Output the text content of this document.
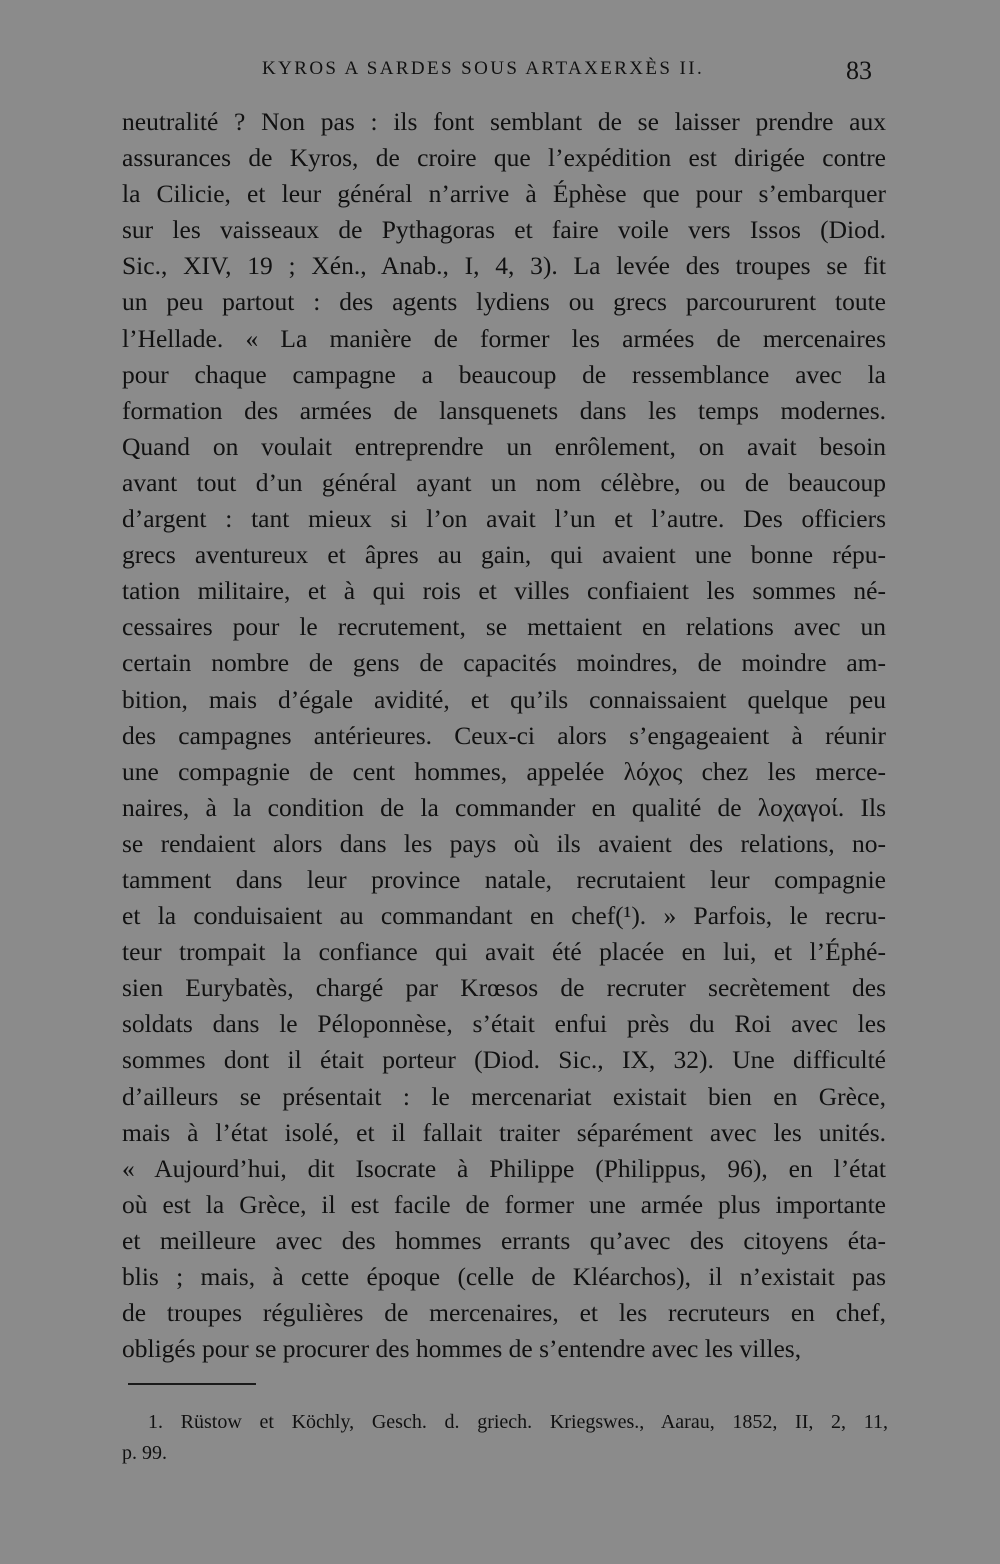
KYROS A SARDES SOUS ARTAXERXÈS II.	83
neutralité ? Non pas : ils font semblant de se laisser prendre aux
assurances de Kyros, de croire que l’expédition est dirigée contre
la Cilicie, et leur général n’arrive à Éphèse que pour s’embarquer
sur les vaisseaux de Pythagoras et faire voile vers Issos (Diod.
Sic., XIV, 19 ; Xén., Anab., I, 4, 3). La levée des troupes se fit
un peu partout : des agents lydiens ou grecs parcoururent toute
l’Hellade. « La manière de former les armées de mercenaires
pour chaque campagne a beaucoup de ressemblance avec la
formation des armées de lansquenets dans les temps modernes.
Quand on voulait entreprendre un enrôlement, on avait besoin
avant tout d’un général ayant un nom célèbre, ou de beaucoup
d’argent : tant mieux si l’on avait l’un et l’autre. Des officiers
grecs aventureux et âpres au gain, qui avaient une bonne répu-
tation militaire, et à qui rois et villes confiaient les sommes né-
cessaires pour le recrutement, se mettaient en relations avec un
certain nombre de gens de capacités moindres, de moindre am-
bition, mais d’égale avidité, et qu’ils connaissaient quelque peu
des campagnes antérieures. Ceux-ci alors s’engageaient à réunir
une compagnie de cent hommes, appelée λόχος chez les merce-
naires, à la condition de la commander en qualité de λοχαγοί. Ils
se rendaient alors dans les pays où ils avaient des relations, no-
tamment dans leur province natale, recrutaient leur compagnie
et la conduisaient au commandant en chef(¹). » Parfois, le recru-
teur trompait la confiance qui avait été placée en lui, et l’Éphé-
sien Eurybatès, chargé par Krœsos de recruter secrètement des
soldats dans le Péloponnèse, s’était enfui près du Roi avec les
sommes dont il était porteur (Diod. Sic., IX, 32). Une difficulté
d’ailleurs se présentait : le mercenariat existait bien en Grèce,
mais à l’état isolé, et il fallait traiter séparément avec les unités.
« Aujourd’hui, dit Isocrate à Philippe (Philippus, 96), en l’état
où est la Grèce, il est facile de former une armée plus importante
et meilleure avec des hommes errants qu’avec des citoyens éta-
blis ; mais, à cette époque (celle de Kléarchos), il n’existait pas
de troupes régulières de mercenaires, et les recruteurs en chef,
obligés pour se procurer des hommes de s’entendre avec les villes,
1. Rüstow et Köchly, Gesch. d. griech. Kriegswes., Aarau, 1852, II, 2, 11,
p. 99.
